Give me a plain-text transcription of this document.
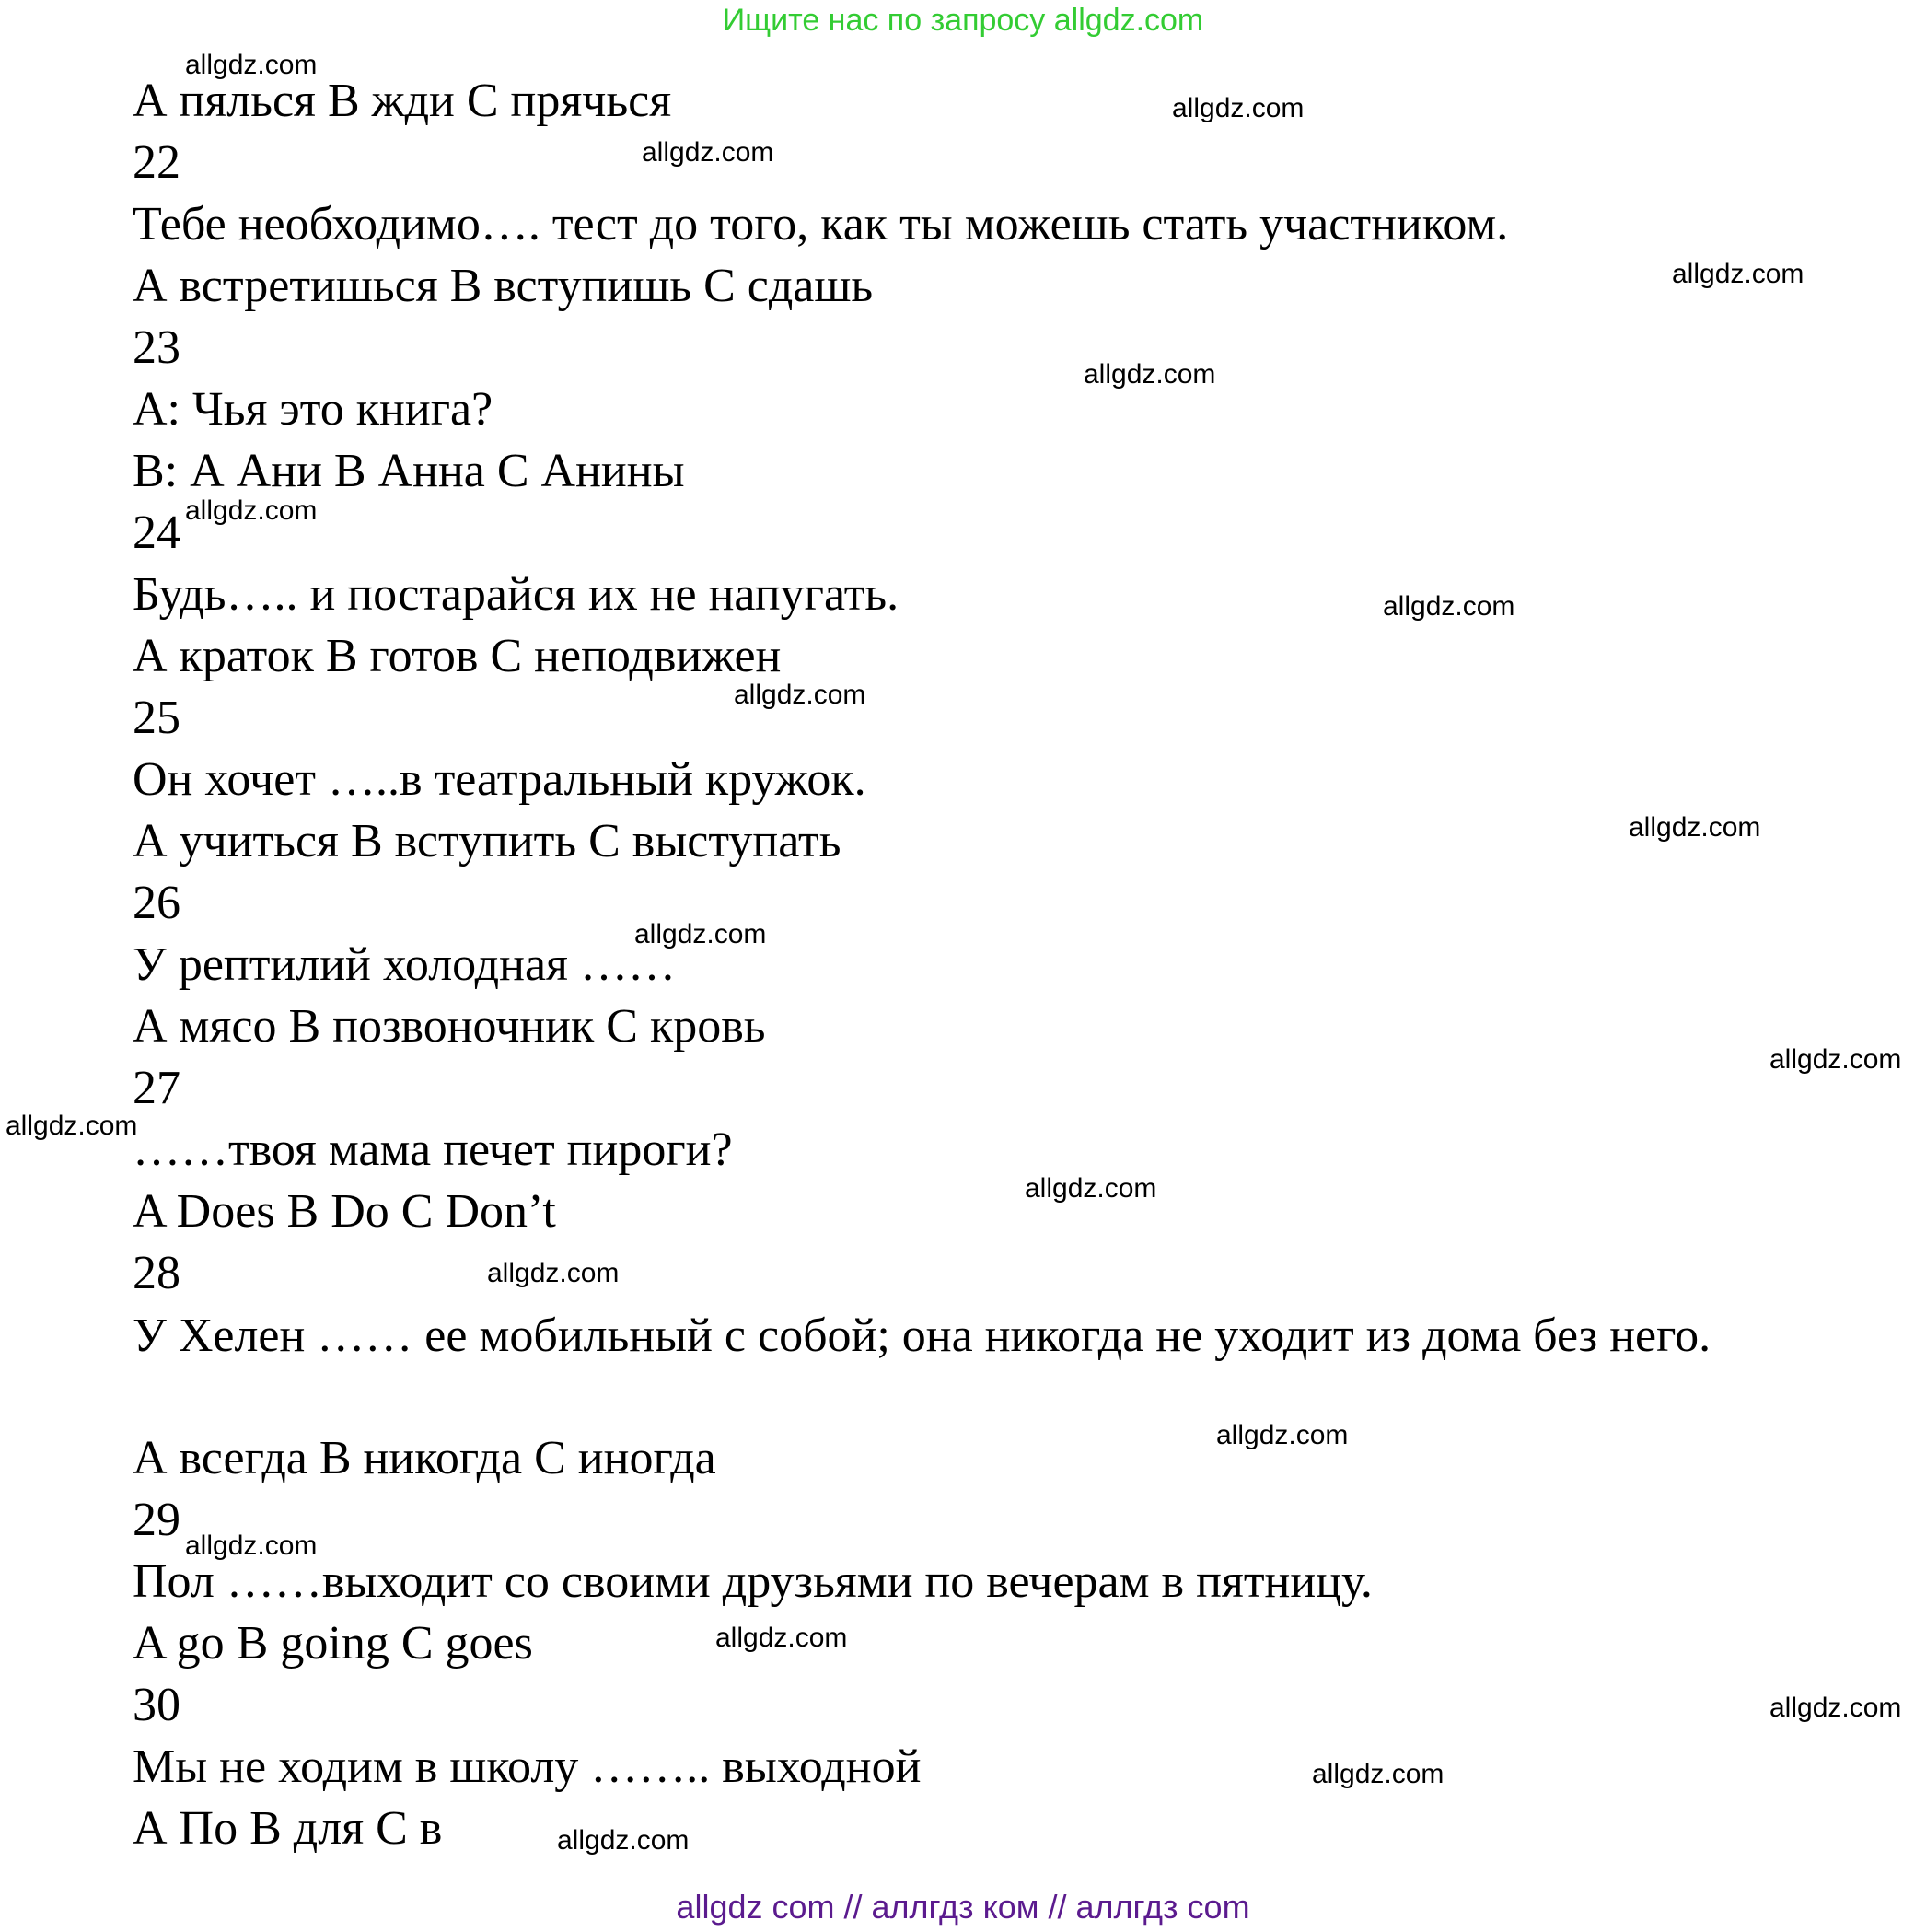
Ищите нас по запросу allgdz.com
А пялься В жди С прячься
22
Тебе необходимо…. тест до того, как ты можешь стать участником.
А встретишься В вступишь С сдашь
23
А: Чья это книга?
В: А Ани В Анна С Анины
24
Будь….. и постарайся их не напугать.
А краток В готов С неподвижен
25
Он хочет …..в театральный кружок.
А учиться В вступить С выступать
26
У рептилий холодная ……
А мясо В позвоночник С кровь
27
……твоя мама печет пироги?
A Does B Do C Don’t
28
У Хелен …… ее мобильный с собой; она никогда не уходит из дома без него.
А всегда В никогда С иногда
29
Пол ……выходит со своими друзьями по вечерам в пятницу.
A go B going C goes
30
Мы не ходим в школу …….. выходной
А По В для С в
allgdz.com
allgdz.com
allgdz.com
allgdz.com
allgdz.com
allgdz.com
allgdz.com
allgdz.com
allgdz.com
allgdz.com
allgdz.com
allgdz.com
allgdz.com
allgdz.com
allgdz.com
allgdz.com
allgdz.com
allgdz.com
allgdz.com
allgdz.com
allgdz com // аллгдз ком // аллгдз com
